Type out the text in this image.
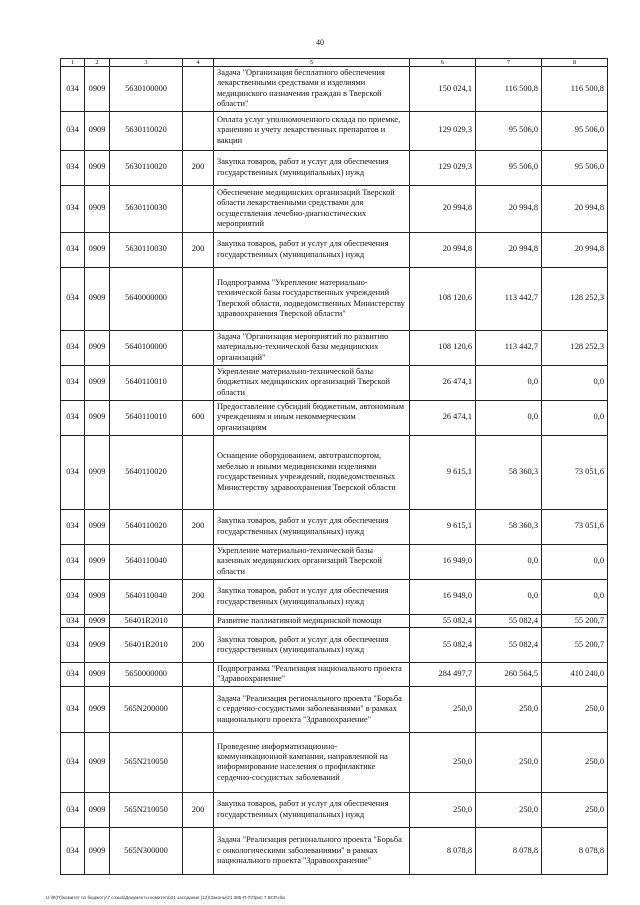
40
1	2	3	4	5	6	7	8
034	0909	5630100000		Задача "Организация бесплатного обеспечения лекарственными средствами и изделиями медицинского назначения граждан в Тверской области"	150 024,1	116 500,8	116 500,8
034	0909	5630110020		Оплата услуг уполномоченного склада по приемке, хранению и учету лекарственных препаратов и вакцин	129 029,3	95 506,0	95 506,0
034	0909	5630110020	200	Закупка товаров, работ и услуг для обеспечения государственных (муниципальных) нужд	129 029,3	95 506,0	95 506,0
034	0909	5630110030		Обеспечение медицинских организаций Тверской области лекарственными средствами для осуществления лечебно-диагностических мероприятий	20 994,8	20 994,8	20 994,8
034	0909	5630110030	200	Закупка товаров, работ и услуг для обеспечения государственных (муниципальных) нужд	20 994,8	20 994,8	20 994,8
034	0909	5640000000		Подпрограмма "Укрепление материально-технической базы государственных учреждений Тверской области, подведомственных Министерству здравоохранения Тверской области"	108 120,6	113 442,7	128 252,3
034	0909	5640100000		Задача "Организация мероприятий по развитию материально-технической базы медицинских организаций"	108 120,6	113 442,7	128 252,3
034	0909	5640110010		Укрепление материально-технической базы бюджетных медицинских организаций Тверской области	26 474,1	0,0	0,0
034	0909	5640110010	600	Предоставление субсидий бюджетным, автономным учреждениям и иным некоммерческим организациям	26 474,1	0,0	0,0
034	0909	5640110020		Оснащение оборудованием, автотранспортом, мебелью и иными медицинскими изделиями государственных учреждений, подведомственных Министерству здравоохранения Тверской области	9 615,1	58 360,3	73 051,6
034	0909	5640110020	200	Закупка товаров, работ и услуг для обеспечения государственных (муниципальных) нужд	9 615,1	58 360,3	73 051,6
034	0909	5640110040		Укрепление материально-технической базы казенных медицинских организаций Тверской области	16 949,0	0,0	0,0
034	0909	5640110040	200	Закупка товаров, работ и услуг для обеспечения государственных (муниципальных) нужд	16 949,0	0,0	0,0
034	0909	56401R2010		Развитие паллиативной медицинской помощи	55 082,4	55 082,4	55 200,7
034	0909	56401R2010	200	Закупка товаров, работ и услуг для обеспечения государственных (муниципальных) нужд	55 082,4	55 082,4	55 200,7
034	0909	5650000000		Подпрограмма "Реализация национального проекта "Здравоохранение"	284 497,7	260 564,5	410 240,0
034	0909	565N200000		Задача "Реализация регионального проекта "Борьба с сердечно-сосудистыми заболеваниями" в рамках национального проекта "Здравоохранение"	250,0	250,0	250,0
034	0909	565N210050		Проведение информатизационно-коммуникационной кампании, направленной на информирование населения о профилактике сердечно-сосудистых заболеваний	250,0	250,0	250,0
034	0909	565N210050	200	Закупка товаров, работ и услуг для обеспечения государственных (муниципальных) нужд	250,0	250,0	250,0
034	0909	565N300000		Задача "Реализация регионального проекта "Борьба с онкологическими заболеваниями" в рамках национального проекта "Здравоохранение"	8 078,8	8 078,8	8 078,8
U:\Ф(П)\комитет по бюджету\7 созыв\Документы комитета\21 заседание (12)\Законы\21 385-П-7\Прил 7 ВСР.xlsx
